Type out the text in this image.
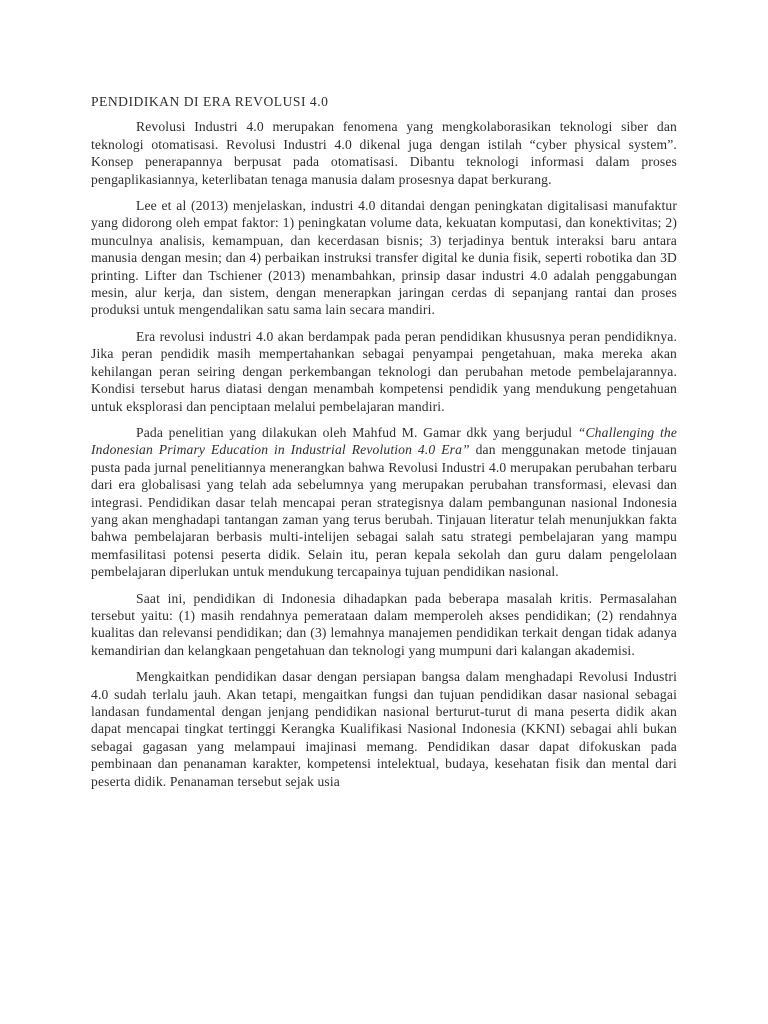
PENDIDIKAN DI ERA REVOLUSI 4.0

Revolusi Industri 4.0 merupakan fenomena yang mengkolaborasikan teknologi siber dan teknologi otomatisasi. Revolusi Industri 4.0 dikenal juga dengan istilah “cyber physical system”. Konsep penerapannya berpusat pada otomatisasi. Dibantu teknologi informasi dalam proses pengaplikasiannya, keterlibatan tenaga manusia dalam prosesnya dapat berkurang.

Lee et al (2013) menjelaskan, industri 4.0 ditandai dengan peningkatan digitalisasi manufaktur yang didorong oleh empat faktor: 1) peningkatan volume data, kekuatan komputasi, dan konektivitas; 2) munculnya analisis, kemampuan, dan kecerdasan bisnis; 3) terjadinya bentuk interaksi baru antara manusia dengan mesin; dan 4) perbaikan instruksi transfer digital ke dunia fisik, seperti robotika dan 3D printing. Lifter dan Tschiener (2013) menambahkan, prinsip dasar industri 4.0 adalah penggabungan mesin, alur kerja, dan sistem, dengan menerapkan jaringan cerdas di sepanjang rantai dan proses produksi untuk mengendalikan satu sama lain secara mandiri.

Era revolusi industri 4.0 akan berdampak pada peran pendidikan khususnya peran pendidiknya. Jika peran pendidik masih mempertahankan sebagai penyampai pengetahuan, maka mereka akan kehilangan peran seiring dengan perkembangan teknologi dan perubahan metode pembelajarannya. Kondisi tersebut harus diatasi dengan menambah kompetensi pendidik yang mendukung pengetahuan untuk eksplorasi dan penciptaan melalui pembelajaran mandiri.

Pada penelitian yang dilakukan oleh Mahfud M. Gamar dkk yang berjudul “Challenging the Indonesian Primary Education in Industrial Revolution 4.0 Era” dan menggunakan metode tinjauan pusta pada jurnal penelitiannya menerangkan bahwa Revolusi Industri 4.0 merupakan perubahan terbaru dari era globalisasi yang telah ada sebelumnya yang merupakan perubahan transformasi, elevasi dan integrasi. Pendidikan dasar telah mencapai peran strategisnya dalam pembangunan nasional Indonesia yang akan menghadapi tantangan zaman yang terus berubah. Tinjauan literatur telah menunjukkan fakta bahwa pembelajaran berbasis multi-intelijen sebagai salah satu strategi pembelajaran yang mampu memfasilitasi potensi peserta didik. Selain itu, peran kepala sekolah dan guru dalam pengelolaan pembelajaran diperlukan untuk mendukung tercapainya tujuan pendidikan nasional.

Saat ini, pendidikan di Indonesia dihadapkan pada beberapa masalah kritis. Permasalahan tersebut yaitu: (1) masih rendahnya pemerataan dalam memperoleh akses pendidikan; (2) rendahnya kualitas dan relevansi pendidikan; dan (3) lemahnya manajemen pendidikan terkait dengan tidak adanya kemandirian dan kelangkaan pengetahuan dan teknologi yang mumpuni dari kalangan akademisi.

Mengkaitkan pendidikan dasar dengan persiapan bangsa dalam menghadapi Revolusi Industri 4.0 sudah terlalu jauh. Akan tetapi, mengaitkan fungsi dan tujuan pendidikan dasar nasional sebagai landasan fundamental dengan jenjang pendidikan nasional berturut-turut di mana peserta didik akan dapat mencapai tingkat tertinggi Kerangka Kualifikasi Nasional Indonesia (KKNI) sebagai ahli bukan sebagai gagasan yang melampaui imajinasi memang. Pendidikan dasar dapat difokuskan pada pembinaan dan penanaman karakter, kompetensi intelektual, budaya, kesehatan fisik dan mental dari peserta didik. Penanaman tersebut sejak usia
